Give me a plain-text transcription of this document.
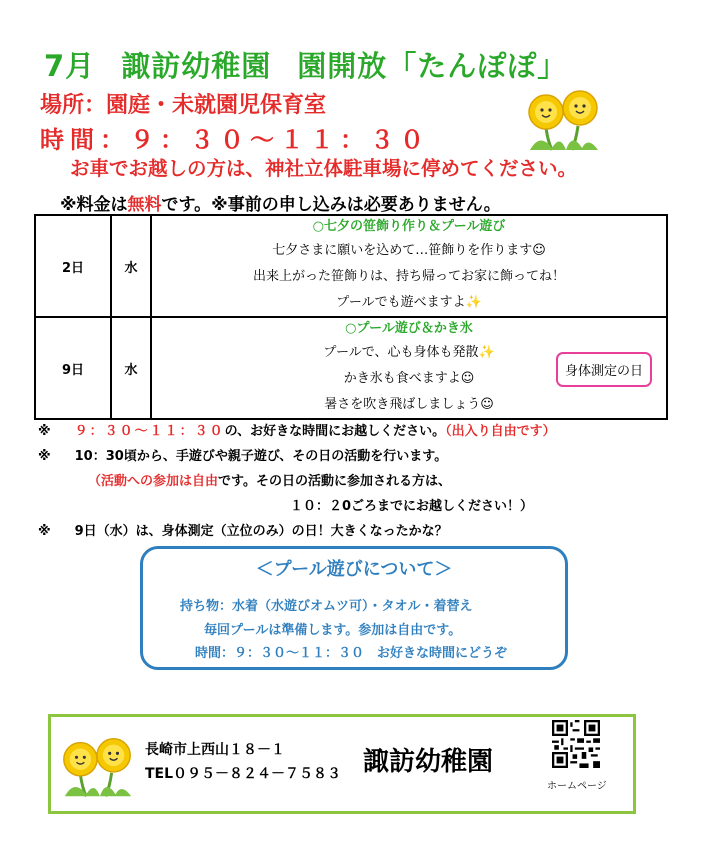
7月 諏訪幼稚園 園開放「たんぽぽ」
場所：園庭・未就園児保育室
時間：９：３０～１１：３０
お車でお越しの方は、神社立体駐車場に停めてください。
※料金は無料です。※事前の申し込みは必要ありません。
2日	水	○七夕の笹飾り作り＆プール遊び
七夕さまに願いを込めて…笹飾りを作ります☺
出来上がった笹飾りは、持ち帰ってお家に飾ってね！
プールでも遊べますよ✨

9日	水	○プール遊び＆かき氷
プールで、心も身体も発散✨
かき氷も食べますよ☺
暑さを吹き飛ばしましょう☺
身体測定の日
※ ９：３０～１１：３０の、お好きな時間にお越しください。（出入り自由です）
※ 10：30頃から、手遊びや親子遊び、その日の活動を行います。
（活動への参加は自由です。その日の活動に参加される方は、
１０：２0ごろまでにお越しください！）
※ 9日（水）は、身体測定（立位のみ）の日！大きくなったかな？
＜プール遊びについて＞
持ち物：水着（水遊びオムツ可）・タオル・着替え
毎回プールは準備します。参加は自由です。
時間：９：３０～１１：３０　お好きな時間にどうぞ
長崎市上西山１８－１
TEL０９５－８２４－７５８３ 諏訪幼稚園
ホームページ
